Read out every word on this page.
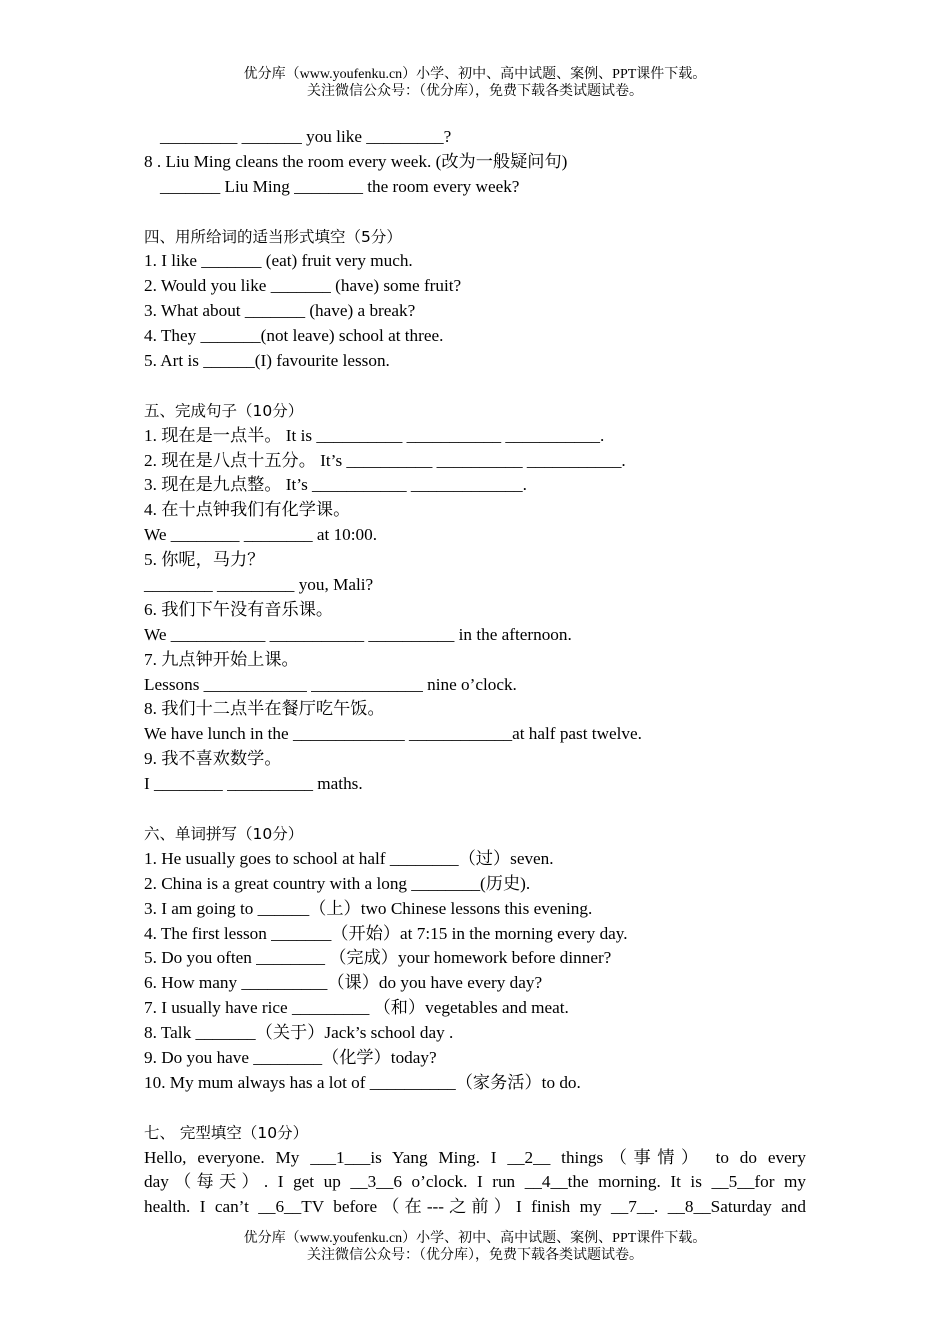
优分库（www.youfenku.cn）小学、初中、高中试题、案例、PPT课件下载。
关注微信公众号：（优分库），免费下载各类试题试卷。
_________ _______ you like _________?
8 . Liu Ming cleans the room every week. (改为一般疑问句)
_______ Liu Ming ________ the room every week?
四、用所给词的适当形式填空（5分）
1. I like _______ (eat) fruit very much.
2. Would you like _______ (have) some fruit?
3. What about _______ (have) a break?
4. They _______(not leave) school at three.
5. Art is ______(I) favourite lesson.
五、完成句子（10分）
1. 现在是一点半。 It is __________ ___________ ___________.
2. 现在是八点十五分。 It’s __________ __________ ___________.
3. 现在是九点整。 It’s ___________ _____________.
4. 在十点钟我们有化学课。
We ________ ________ at 10:00.
5. 你呢，马力？
________ _________ you, Mali?
6. 我们下午没有音乐课。
We ___________ ___________ __________ in the afternoon.
7. 九点钟开始上课。
Lessons ____________ _____________ nine o’clock.
8. 我们十二点半在餐厅吃午饭。
We have lunch in the _____________ ____________at half past twelve.
9. 我不喜欢数学。
I ________ __________ maths.
六、单词拼写（10分）
1. He usually goes to school at half ________（过）seven.
2. China is a great country with a long ________(历史).
3. I am going to ______（上）two Chinese lessons this evening.
4. The first lesson _______（开始）at 7:15 in the morning every day.
5. Do you often ________ （完成）your homework before dinner?
6. How many __________（课）do you have every day?
7. I usually have rice _________ （和）vegetables and meat.
8. Talk _______（关于）Jack’s school day .
9. Do you have ________（化学）today?
10. My mum always has a lot of __________（家务活）to do.
七、 完型填空（10分）
Hello, everyone. My ___1___is Yang Ming. I __2__ things（事情） to do every
day（每天）. I get up __3__6 o’clock. I run __4__the morning. It is __5__for my
health. I can’t __6__TV before（在---之前）I finish my __7__. __8__Saturday and
优分库（www.youfenku.cn）小学、初中、高中试题、案例、PPT课件下载。
关注微信公众号：（优分库），免费下载各类试题试卷。
